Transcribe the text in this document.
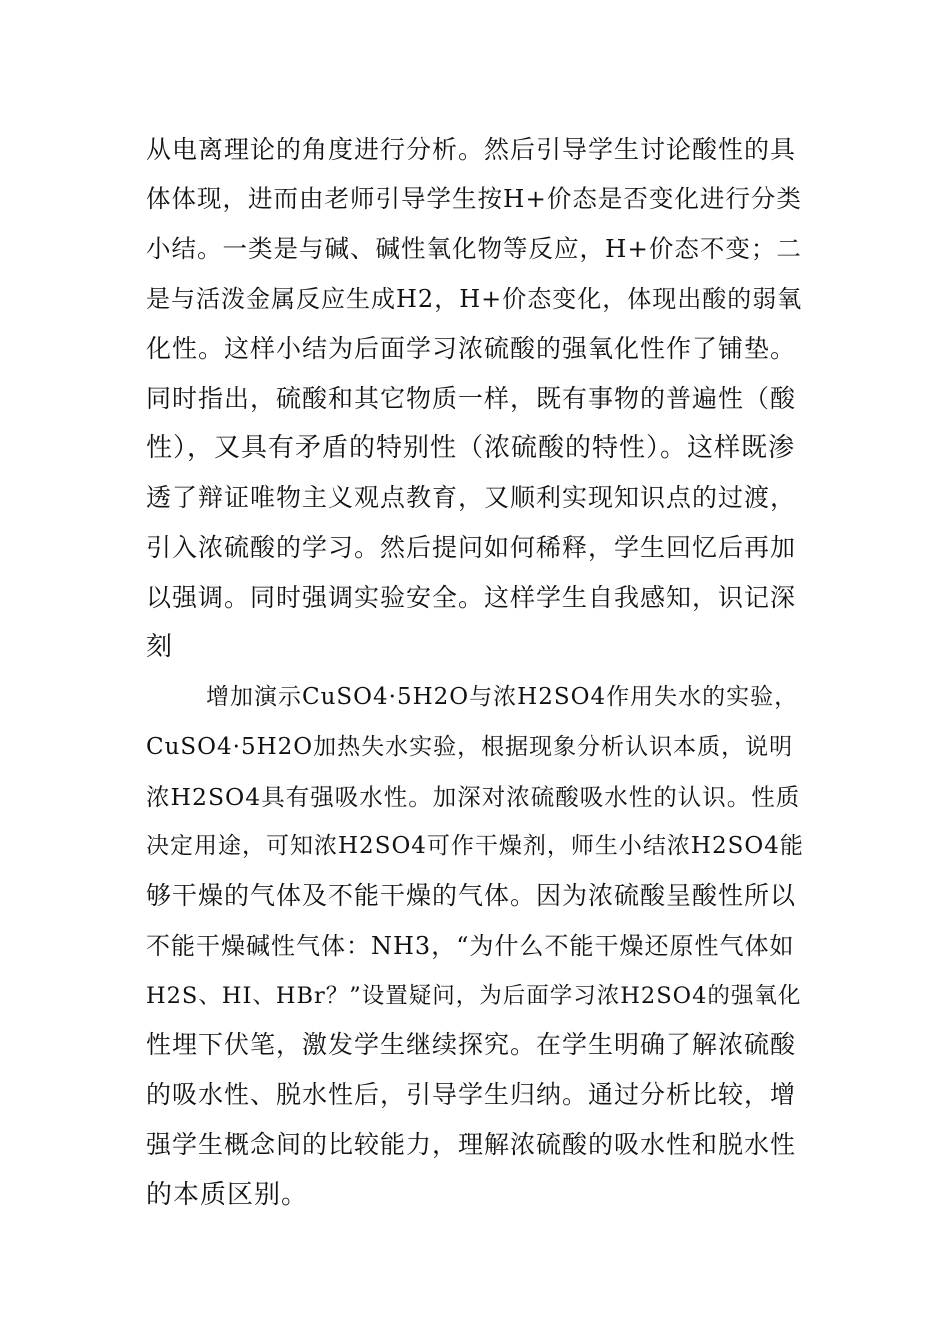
从电离理论的角度进行分析。然后引导学生讨论酸性的具
体体现，进而由老师引导学生按H+价态是否变化进行分类
小结。一类是与碱、碱性氧化物等反应，H+价态不变；二
是与活泼金属反应生成H2，H+价态变化，体现出酸的弱氧
化性。这样小结为后面学习浓硫酸的强氧化性作了铺垫。
同时指出，硫酸和其它物质一样，既有事物的普遍性（酸
性），又具有矛盾的特别性（浓硫酸的特性）。这样既渗
透了辩证唯物主义观点教育，又顺利实现知识点的过渡，
引入浓硫酸的学习。然后提问如何稀释，学生回忆后再加
以强调。同时强调实验安全。这样学生自我感知，识记深
刻
增加演示CuSO4·5H2O与浓H2SO4作用失水的实验，
CuSO4·5H2O加热失水实验，根据现象分析认识本质，说明
浓H2SO4具有强吸水性。加深对浓硫酸吸水性的认识。性质
决定用途，可知浓H2SO4可作干燥剂，师生小结浓H2SO4能
够干燥的气体及不能干燥的气体。因为浓硫酸呈酸性所以
不能干燥碱性气体：NH3，“为什么不能干燥还原性气体如
H2S、HI、HBr？”设置疑问，为后面学习浓H2SO4的强氧化
性埋下伏笔，激发学生继续探究。在学生明确了解浓硫酸
的吸水性、脱水性后，引导学生归纳。通过分析比较，增
强学生概念间的比较能力，理解浓硫酸的吸水性和脱水性
的本质区别。
